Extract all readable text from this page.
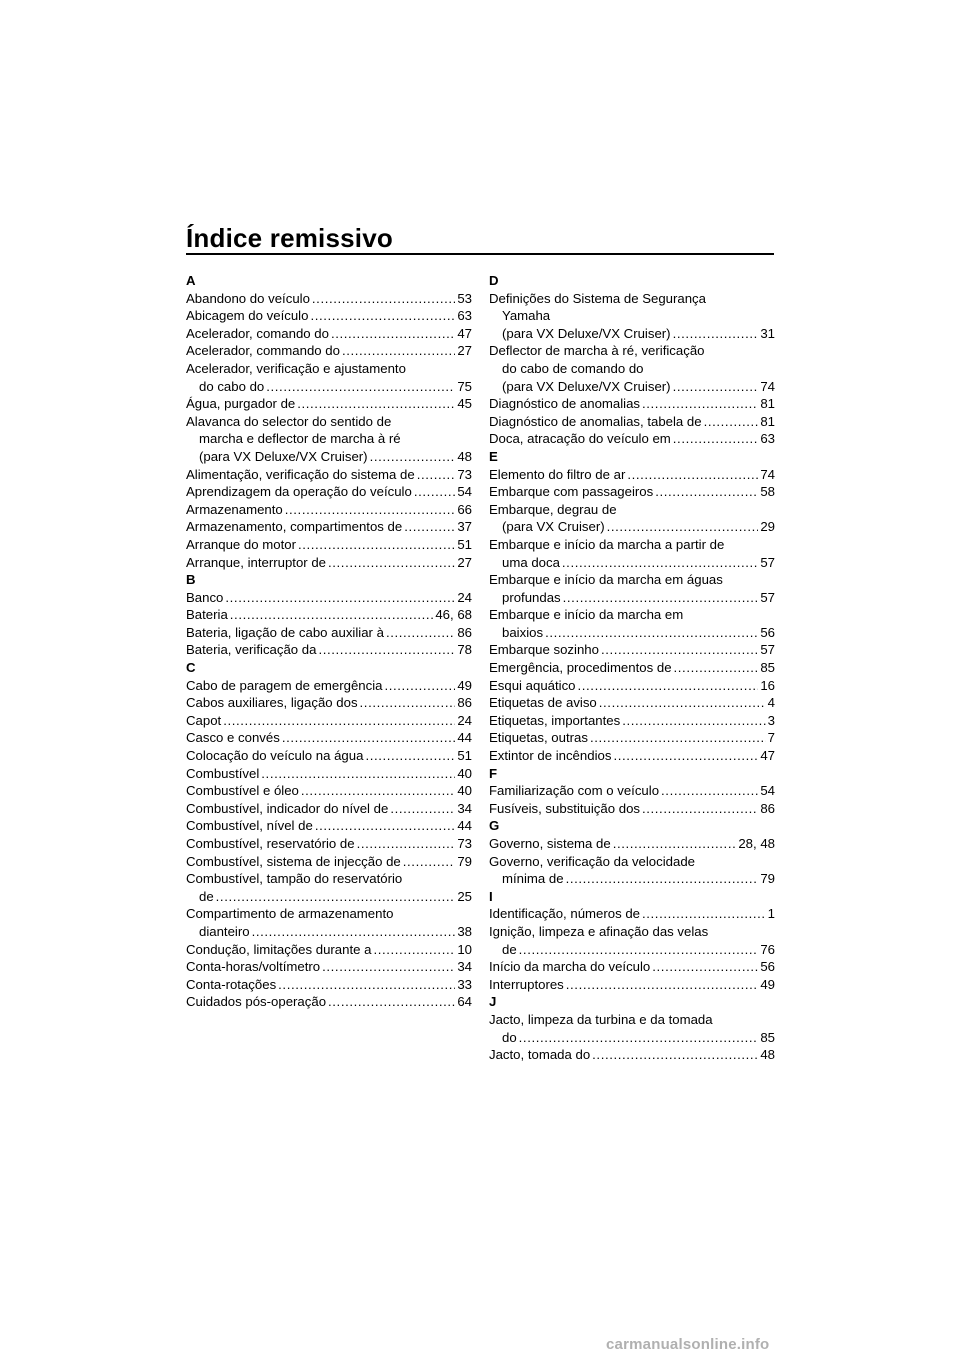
Índice remissivo
A
Abandono do veículo .....	53
Abicagem do veículo .....	63
Acelerador, comando do .....	47
Acelerador, commando do .....	27
Acelerador, verificação e ajustamento
do cabo do .....	75
Água, purgador de .....	45
Alavanca do selector do sentido de
marcha e deflector de marcha à ré
(para VX Deluxe/VX Cruiser) .....	48
Alimentação, verificação do sistema de .....	73
Aprendizagem da operação do veículo .....	54
Armazenamento .....	66
Armazenamento, compartimentos de .....	37
Arranque do motor .....	51
Arranque, interruptor de .....	27
B
Banco .....	24
Bateria .....	46, 68
Bateria, ligação de cabo auxiliar à .....	86
Bateria, verificação da .....	78
C
Cabo de paragem de emergência .....	49
Cabos auxiliares, ligação dos .....	86
Capot .....	24
Casco e convés .....	44
Colocação do veículo na água .....	51
Combustível .....	40
Combustível e óleo .....	40
Combustível, indicador do nível de .....	34
Combustível, nível de .....	44
Combustível, reservatório de .....	73
Combustível, sistema de injecção de .....	79
Combustível, tampão do reservatório
de .....	25
Compartimento de armazenamento
dianteiro .....	38
Condução, limitações durante a .....	10
Conta-horas/voltímetro .....	34
Conta-rotações .....	33
Cuidados pós-operação .....	64
D
Definições do Sistema de Segurança
Yamaha
(para VX Deluxe/VX Cruiser) .....	31
Deflector de marcha à ré, verificação
do cabo de comando do
(para VX Deluxe/VX Cruiser) .....	74
Diagnóstico de anomalias .....	81
Diagnóstico de anomalias, tabela de .....	81
Doca, atracação do veículo em .....	63
E
Elemento do filtro de ar .....	74
Embarque com passageiros .....	58
Embarque, degrau de
(para VX Cruiser) .....	29
Embarque e início da marcha a partir de
uma doca .....	57
Embarque e início da marcha em águas
profundas .....	57
Embarque e início da marcha em
baixios .....	56
Embarque sozinho .....	57
Emergência, procedimentos de .....	85
Esqui aquático .....	16
Etiquetas de aviso .....	4
Etiquetas, importantes .....	3
Etiquetas, outras .....	7
Extintor de incêndios .....	47
F
Familiarização com o veículo .....	54
Fusíveis, substituição dos .....	86
G
Governo, sistema de .....	28, 48
Governo, verificação da velocidade
mínima de .....	79
I
Identificação, números de .....	1
Ignição, limpeza e afinação das velas
de .....	76
Início da marcha do veículo .....	56
Interruptores .....	49
J
Jacto, limpeza da turbina e da tomada
do .....	85
Jacto, tomada do .....	48
carmanualsonline.info
